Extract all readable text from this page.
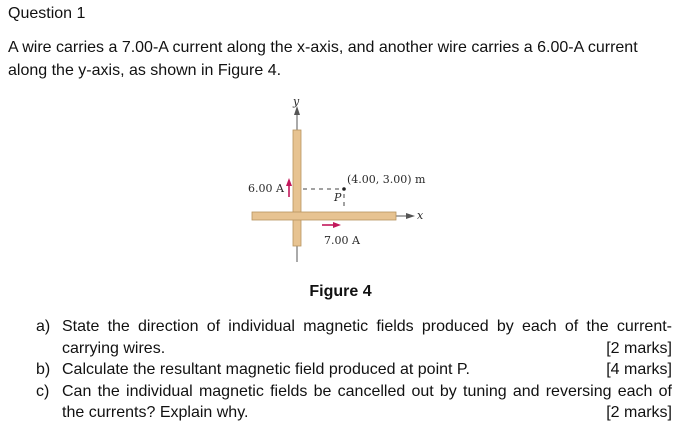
Question 1
A wire carries a 7.00-A current along the x-axis, and another wire carries a 6.00-A current
along the y-axis, as shown in Figure 4.
y
x
6.00 A
7.00 A
P
(4.00, 3.00) m
Figure 4
a) State the direction of individual magnetic fields produced by each of the current-
carrying wires.	[2 marks]
b) Calculate the resultant magnetic field produced at point P.	[4 marks]
c) Can the individual magnetic fields be cancelled out by tuning and reversing each of
the currents? Explain why.	[2 marks]
